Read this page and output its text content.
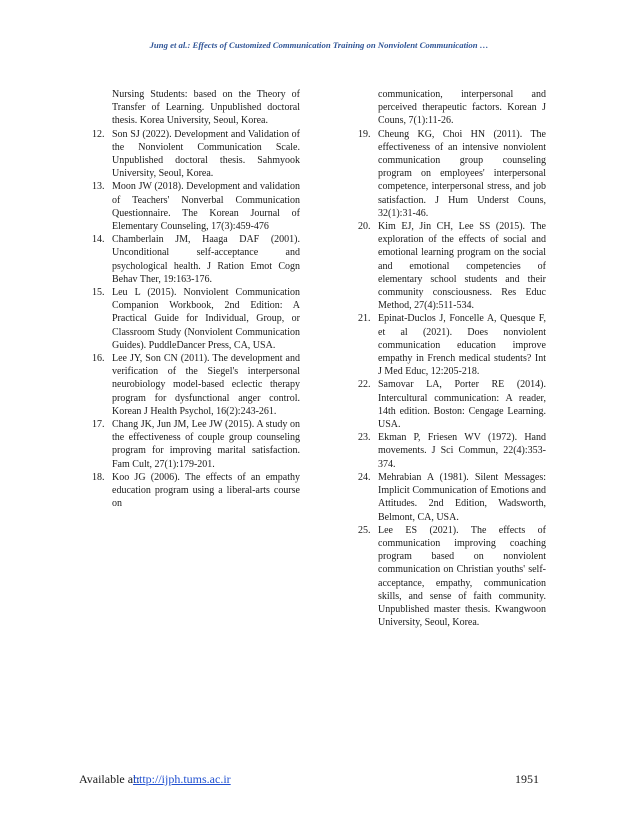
Jung et al.: Effects of Customized Communication Training on Nonviolent Communication …
Nursing Students: based on the Theory of Transfer of Learning. Unpublished doctoral thesis. Korea University, Seoul, Korea.
12. Son SJ (2022). Development and Validation of the Nonviolent Communication Scale. Unpublished doctoral thesis. Sahmyook University, Seoul, Korea.
13. Moon JW (2018). Development and validation of Teachers' Nonverbal Communication Questionnaire. The Korean Journal of Elementary Counseling, 17(3):459-476
14. Chamberlain JM, Haaga DAF (2001). Unconditional self-acceptance and psychological health. J Ration Emot Cogn Behav Ther, 19:163-176.
15. Leu L (2015). Nonviolent Communication Companion Workbook, 2nd Edition: A Practical Guide for Individual, Group, or Classroom Study (Nonviolent Communication Guides). PuddleDancer Press, CA, USA.
16. Lee JY, Son CN (2011). The development and verification of the Siegel's interpersonal neurobiology model-based eclectic therapy program for dysfunctional anger control. Korean J Health Psychol, 16(2):243-261.
17. Chang JK, Jun JM, Lee JW (2015). A study on the effectiveness of couple group counseling program for improving marital satisfaction. Fam Cult, 27(1):179-201.
18. Koo JG (2006). The effects of an empathy education program using a liberal-arts course on
communication, interpersonal and perceived therapeutic factors. Korean J Couns, 7(1):11-26.
19. Cheung KG, Choi HN (2011). The effectiveness of an intensive nonviolent communication group counseling program on employees' interpersonal competence, interpersonal stress, and job satisfaction. J Hum Underst Couns, 32(1):31-46.
20. Kim EJ, Jin CH, Lee SS (2015). The exploration of the effects of social and emotional learning program on the social and emotional competencies of elementary school students and their community consciousness. Res Educ Method, 27(4):511-534.
21. Epinat-Duclos J, Foncelle A, Quesque F, et al (2021). Does nonviolent communication education improve empathy in French medical students? Int J Med Educ, 12:205-218.
22. Samovar LA, Porter RE (2014). Intercultural communication: A reader, 14th edition. Boston: Cengage Learning. USA.
23. Ekman P, Friesen WV (1972). Hand movements. J Sci Commun, 22(4):353-374.
24. Mehrabian A (1981). Silent Messages: Implicit Communication of Emotions and Attitudes. 2nd Edition, Wadsworth, Belmont, CA, USA.
25. Lee ES (2021). The effects of communication improving coaching program based on nonviolent communication on Christian youths' self-acceptance, empathy, communication skills, and sense of faith community. Unpublished master thesis. Kwangwoon University, Seoul, Korea.
Available at:
http://ijph.tums.ac.ir	1951
